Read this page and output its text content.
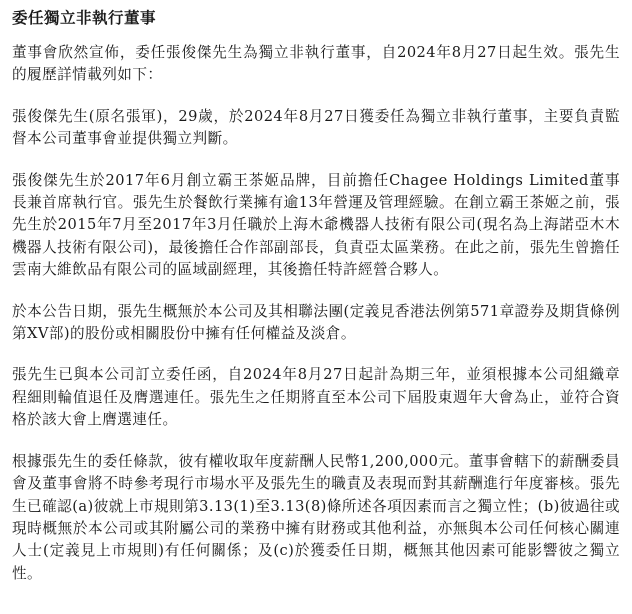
委任獨立非執行董事

董事會欣然宣佈，委任張俊傑先生為獨立非執行董事，自2024年8月27日起生效。張先生的履歷詳情載列如下：

張俊傑先生(原名張軍)，29歲，於2024年8月27日獲委任為獨立非執行董事，主要負責監督本公司董事會並提供獨立判斷。

張俊傑先生於2017年6月創立霸王茶姬品牌，目前擔任Chagee Holdings Limited董事長兼首席執行官。張先生於餐飲行業擁有逾13年營運及管理經驗。在創立霸王茶姬之前，張先生於2015年7月至2017年3月任職於上海木爺機器人技術有限公司(現名為上海諾亞木木機器人技術有限公司)，最後擔任合作部副部長，負責亞太區業務。在此之前，張先生曾擔任雲南大維飲品有限公司的區域副經理，其後擔任特許經營合夥人。

於本公告日期，張先生概無於本公司及其相聯法團(定義見香港法例第571章證券及期貨條例第XV部)的股份或相關股份中擁有任何權益及淡倉。

張先生已與本公司訂立委任函，自2024年8月27日起計為期三年，並須根據本公司組織章程細則輪值退任及膺選連任。張先生之任期將直至本公司下屆股東週年大會為止，並符合資格於該大會上膺選連任。

根據張先生的委任條款，彼有權收取年度薪酬人民幣1,200,000元。董事會轄下的薪酬委員會及董事會將不時參考現行市場水平及張先生的職責及表現而對其薪酬進行年度審核。張先生已確認(a)彼就上市規則第3.13(1)至3.13(8)條所述各項因素而言之獨立性；(b)彼過往或現時概無於本公司或其附屬公司的業務中擁有財務或其他利益，亦無與本公司任何核心關連人士(定義見上市規則)有任何關係；及(c)於獲委任日期，概無其他因素可能影響彼之獨立性。
